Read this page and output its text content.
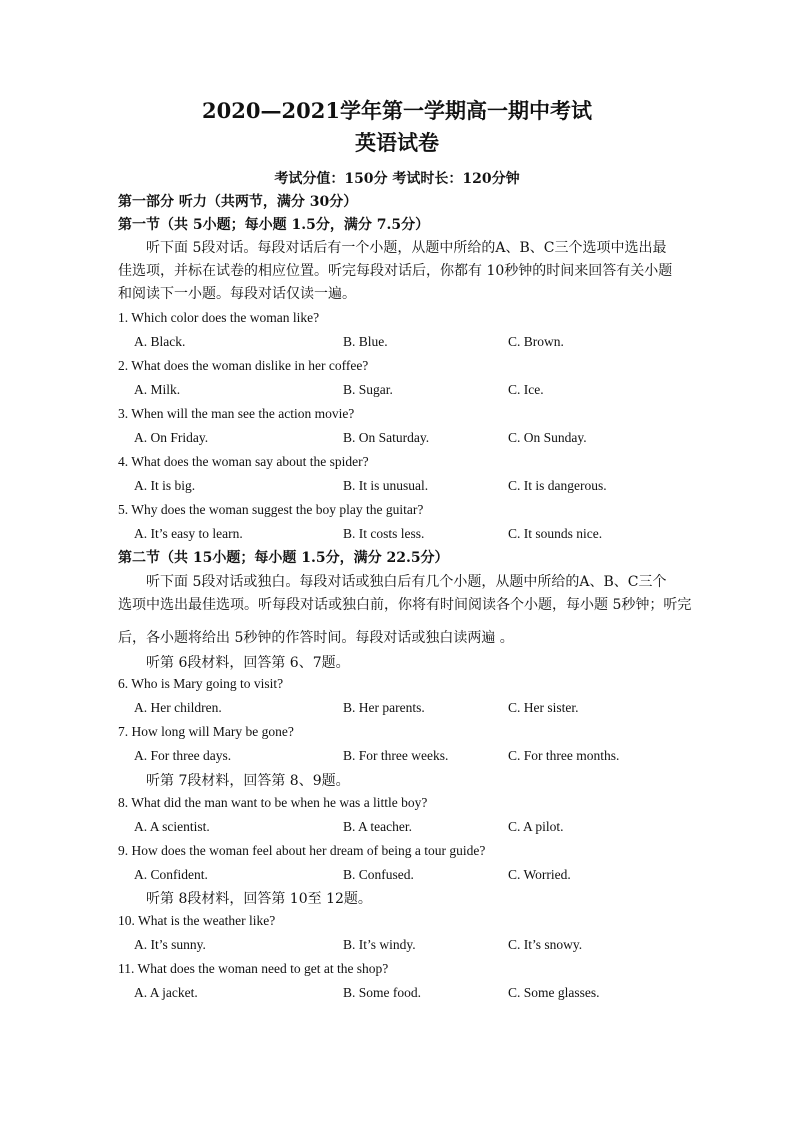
2020—2021学年第一学期高一期中考试
英语试卷
考试分值：150分 考试时长：120分钟
第一部分 听力（共两节，满分 30分）
第一节（共 5小题；每小题 1.5分，满分 7.5分）
听下面 5段对话。每段对话后有一个小题，从题中所给的A、B、C三个选项中选出最
佳选项，并标在试卷的相应位置。听完每段对话后，你都有 10秒钟的时间来回答有关小题
和阅读下一小题。每段对话仅读一遍。
1. Which color does the woman like?
A. Black.	B. Blue.	C. Brown.
2. What does the woman dislike in her coffee?
A. Milk.	B. Sugar.	C. Ice.
3. When will the man see the action movie?
A. On Friday.	B. On Saturday.	C. On Sunday.
4. What does the woman say about the spider?
A. It is big.	B. It is unusual.	C. It is dangerous.
5. Why does the woman suggest the boy play the guitar?
A. It’s easy to learn.	B. It costs less.	C. It sounds nice.
第二节（共 15小题；每小题 1.5分，满分 22.5分）
听下面 5段对话或独白。每段对话或独白后有几个小题，从题中所给的A、B、C三个
选项中选出最佳选项。听每段对话或独白前，你将有时间阅读各个小题，每小题 5秒钟；听完
后，各小题将给出 5秒钟的作答时间。每段对话或独白读两遍 。
听第 6段材料，回答第 6、7题。
6. Who is Mary going to visit?
A. Her children.	B. Her parents.	C. Her sister.
7. How long will Mary be gone?
A. For three days.	B. For three weeks.	C. For three months.
听第 7段材料，回答第 8、9题。
8. What did the man want to be when he was a little boy?
A. A scientist.	B. A teacher.	C. A pilot.
9. How does the woman feel about her dream of being a tour guide?
A. Confident.	B. Confused.	C. Worried.
听第 8段材料，回答第 10至 12题。
10. What is the weather like?
A. It’s sunny.	B. It’s windy.	C. It’s snowy.
11. What does the woman need to get at the shop?
A. A jacket.	B. Some food.	C. Some glasses.
